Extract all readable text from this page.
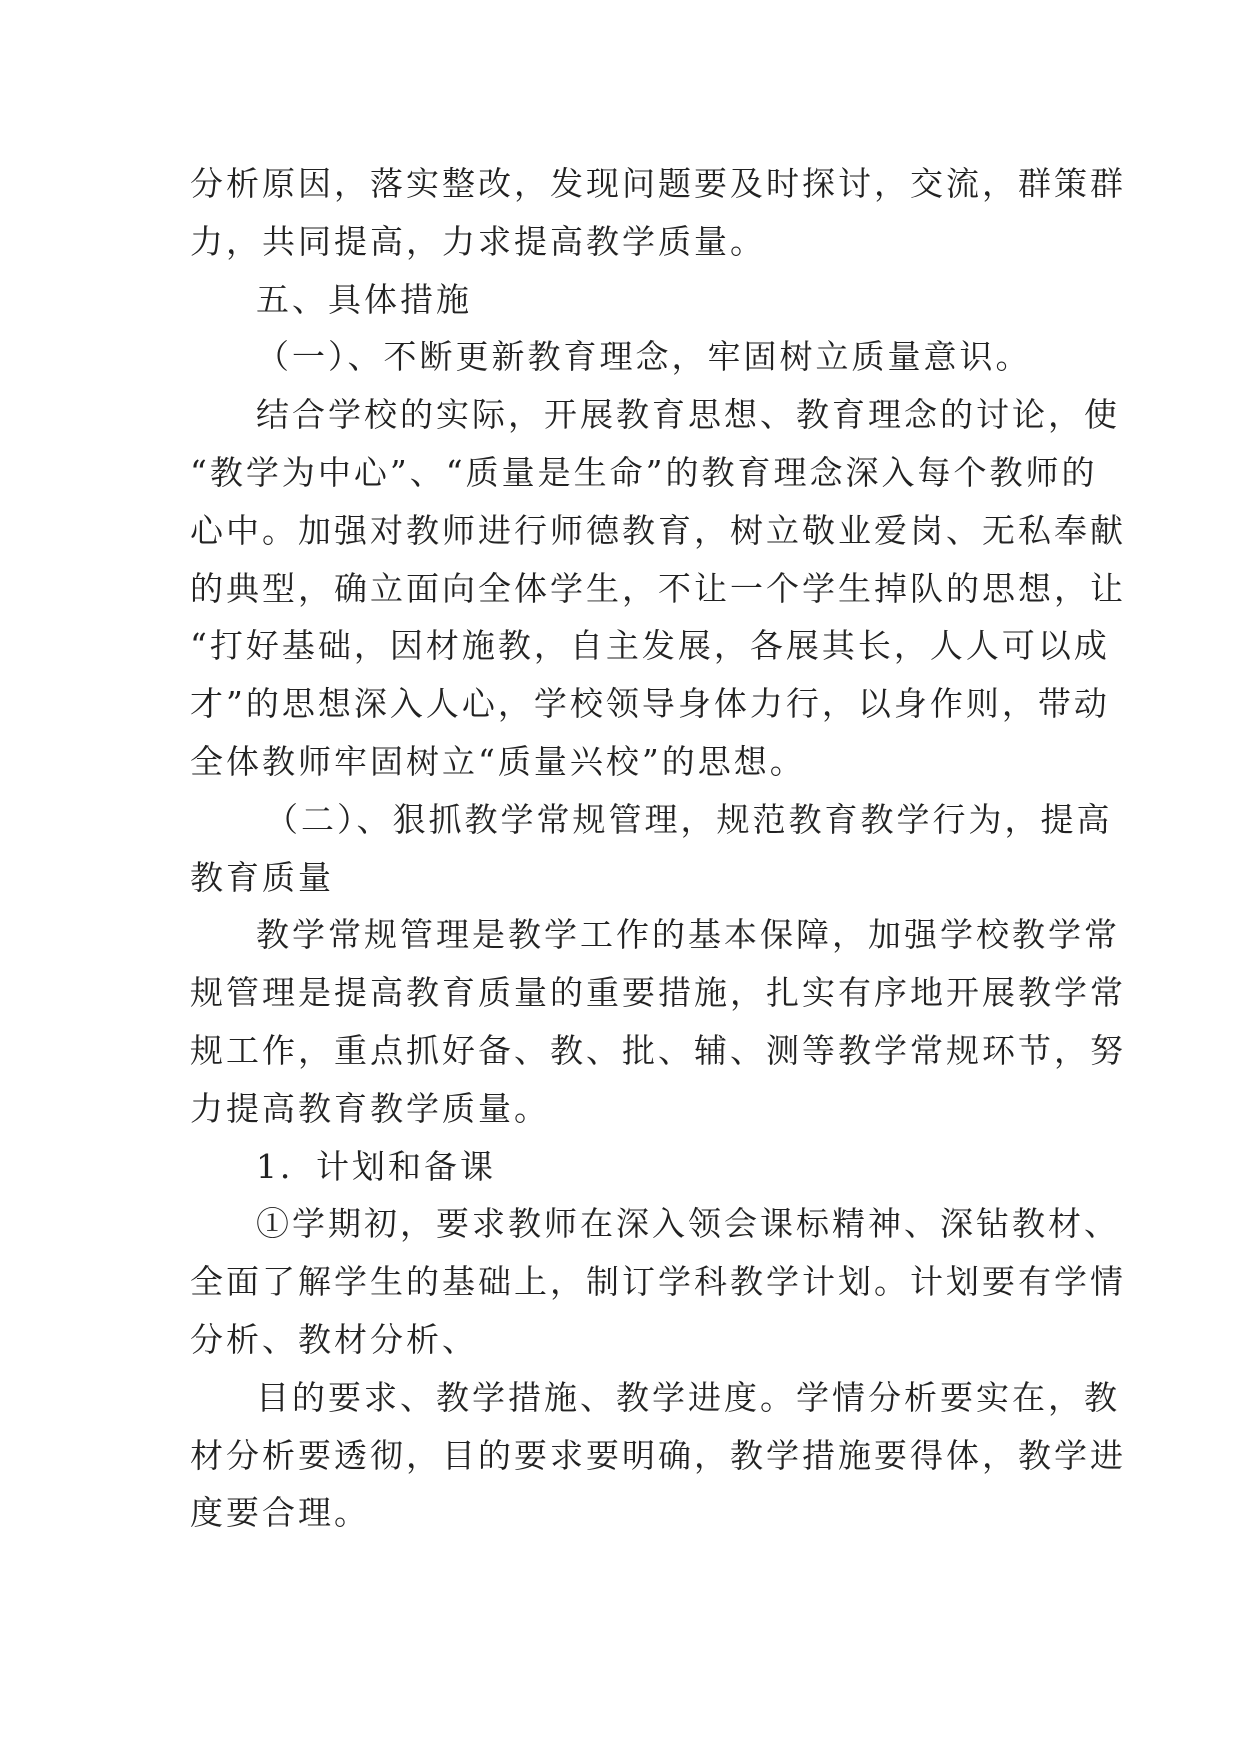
分析原因，落实整改，发现问题要及时探讨，交流，群策群
力，共同提高，力求提高教学质量。
五、具体措施
（一）、不断更新教育理念，牢固树立质量意识。
结合学校的实际，开展教育思想、教育理念的讨论，使
“教学为中心”、“质量是生命”的教育理念深入每个教师的
心中。加强对教师进行师德教育，树立敬业爱岗、无私奉献
的典型，确立面向全体学生，不让一个学生掉队的思想，让
“打好基础，因材施教，自主发展，各展其长，人人可以成
才”的思想深入人心，学校领导身体力行，以身作则，带动
全体教师牢固树立“质量兴校”的思想。
（二）、狠抓教学常规管理，规范教育教学行为，提高
教育质量
教学常规管理是教学工作的基本保障，加强学校教学常
规管理是提高教育质量的重要措施，扎实有序地开展教学常
规工作，重点抓好备、教、批、辅、测等教学常规环节，努
力提高教育教学质量。
1．计划和备课
①学期初，要求教师在深入领会课标精神、深钻教材、
全面了解学生的基础上，制订学科教学计划。计划要有学情
分析、教材分析、
目的要求、教学措施、教学进度。学情分析要实在，教
材分析要透彻，目的要求要明确，教学措施要得体，教学进
度要合理。
